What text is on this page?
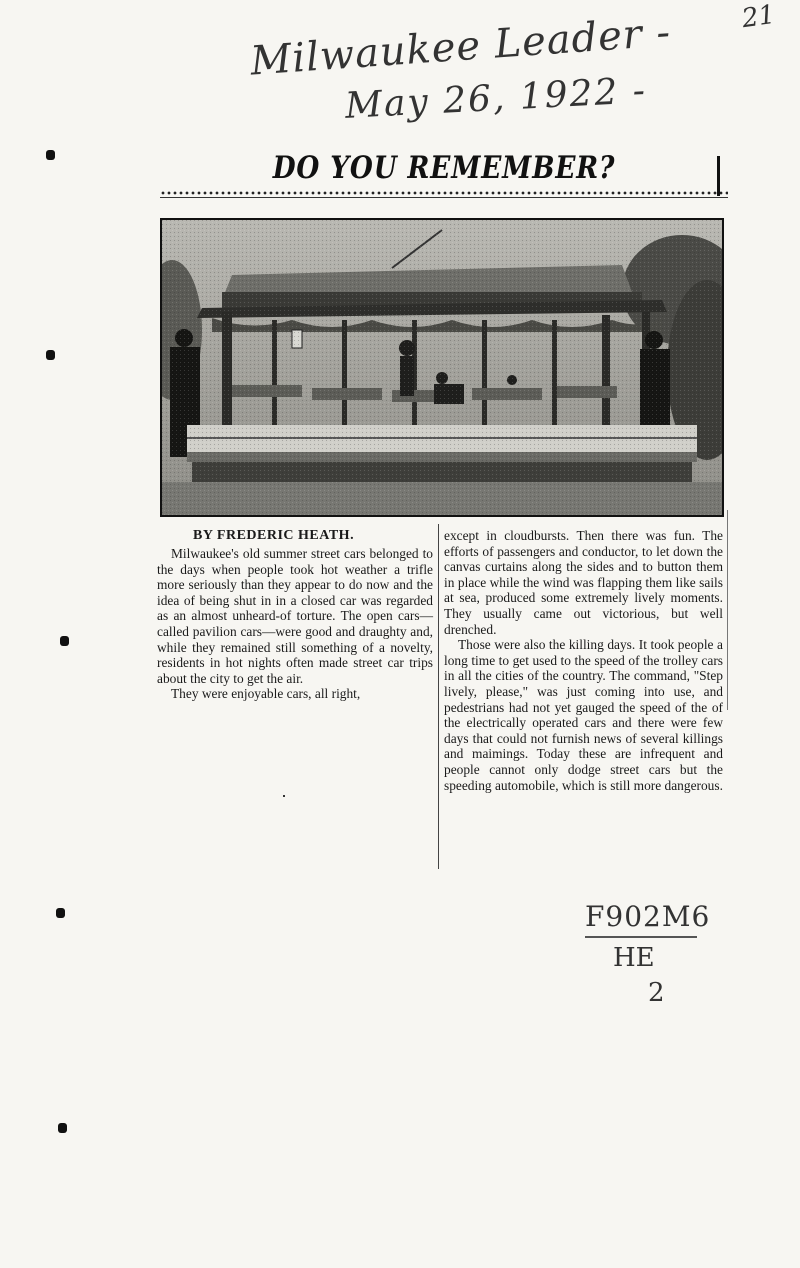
21
Milwaukee Leader -
May 26, 1922 -
DO YOU REMEMBER?
BY FREDERIC HEATH.

Milwaukee's old summer street cars belonged to the days when people took hot weather a trifle more seriously than they appear to do now and the idea of being shut in in a closed car was regarded as an almost unheard-of torture. The open cars—called pavilion cars—were good and draughty and, while they remained still something of a novelty, residents in hot nights often made street car trips about the city to get the air.

They were enjoyable cars, all right,

except in cloudbursts. Then there was fun. The efforts of passengers and conductor, to let down the canvas curtains along the sides and to button them in place while the wind was flapping them like sails at sea, produced some extremely lively moments. They usually came out victorious, but well drenched.

Those were also the killing days. It took people a long time to get used to the speed of the trolley cars in all the cities of the country. The command, "Step lively, please," was just coming into use, and pedestrians had not yet gauged the speed of the of the electrically operated cars and there were few days that could not furnish news of several killings and maimings. Today these are infrequent and people cannot only dodge street cars but the speeding automobile, which is still more dangerous.

F902M6
HE
2
